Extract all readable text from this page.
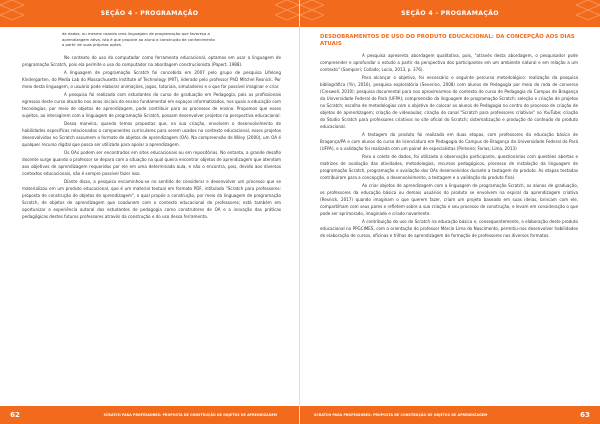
SEÇÃO 4 - PROGRAMAÇÃO
de dados; ou mesmo usando uma linguagem de programação que favoreça a
aprendizagem ativa, isto é que propicie ao aluno a construção de conhecimento
a partir de suas próprias ações.

No contexto do uso do computador como ferramenta educacional, optamos em usar a linguagem de programação Scratch, pois ela permite o uso do computador na abordagem construcionista (Papert, 1988).

A linguagem de programação Scratch foi concebida em 2007 pelo grupo de pesquisa Lifelong Kindergarten, do Media Lab do Massachusetts Institute of Technology (MIT), liderado pelo professor PhD Mitchel Resnick. Por meio desta linguagem, o usuário pode elaborar animações, jogos, tutoriais, simuladores e o que for possível imaginar e criar.

A pesquisa foi realizada com estudantes do curso de graduação em Pedagogia, pois os profissionais egressos deste curso atuarão nos anos iniciais do ensino fundamental em espaços informatizados, nos quais a educação com tecnologias, por meio de objetos de aprendizagem, pode contribuir para os processos de ensino. Propomos que esses sujeitos, ao interagirem com a linguagem de programação Scratch, possam desenvolver projetos na perspectiva educacional.

Dessa maneira, quando temos propostas que, na sua criação, envolvem o desenvolvimento de habilidades específicas relacionadas a componentes curriculares para serem usados no contexto educacional, esses projetos desenvolvidos no Scratch assumem o formato de objetos de aprendizagem (OA). Na compreensão de Wiley (2000), um OA é qualquer recurso digital que possa ser utilizado para apoiar a aprendizagem.

Os OAs podem ser encontrados em sites educacionais ou em repositórios. No entanto, a grande desafio docente surge quando o professor se depara com a situação na qual queira encontrar objetos de aprendizagem que atendam aos objetivos de aprendizagem requeridos por ele em uma determinada aula, e não o encontra, pois, devido aos diversos contextos educacionais, não é sempre possível fazer isso.

Diante disso, a pesquisa encaminhou-se no sentido de considerar e desenvolver um processo que se materializou em um produto educacional, que é um material textual em formato PDF, intitulado "Scratch para professores: proposta de construção de objetos de aprendizagem", o qual propõe a construção, por meio da linguagem de programação Scratch, de objetos de aprendizagem que coadunem com o contexto educacional de professores; está também em oportunizar a experiência autoral dos estudantes de pedagogia como construtores de OA e a inovação das práticas pedagógicas destes futuros professores através da construção e do uso dessa ferramenta.

62	SCRATCH PARA PROFESSORES: PROPOSTA DE CONSTRUÇÃO DE OBJETOS DE APRENDIZAGEM
SEÇÃO 4 - PROGRAMAÇÃO
DESDOBRAMENTOS DE USO DO PRODUTO EDUCACIONAL: DA CONCEPÇÃO AOS DIAS ATUAIS

A pesquisa apresenta abordagem qualitativa, pois, "através desta abordagem, o pesquisador pode compreender e aprofundar o estudo a partir da perspectiva dos participantes em um ambiente natural e em relação a um contexto" (Sampieri; Collado; Lucio, 2013, p. 376).

Para alcançar o objetivo, foi necessário o seguinte percurso metodológico: realização da pesquisa bibliográfica (Yin, 2016), pesquisa exploratória (Severino, 2008) com alunos de Pedagogia por meio de roda de conversa (Creswell, 2010); pesquisa documental para nos aproximarmos do contexto do curso de Pedagogia do Campus de Bragança da Universidade Federal do Pará (UFPA); compreensão da linguagem de programação Scratch; seleção e criação de projetos no Scratch; escolha de metodologias com o objetivo de colocar os alunos de Pedagogia no centro do processo de criação de objetos de aprendizagem; criação de videoaulas; criação do canal "Scratch para professores criativos" no YouTube; criação do Studio Scratch para professores criativos no site oficial do Scratch; sistematização e produção do conteúdo do produto educacional.

A testagem do produto foi realizada em duas etapas, com professores da educação básica de Bragança/PA e com alunos do curso de licenciatura em Pedagogia do Campus de Bragança da Universidade Federal do Pará (UFPA), e a validação foi realizada com um painel de especialistas (Pinheiro; Farias; Lima, 2013)

Para a coleta de dados, foi utilizada a observação participante, questionários com questões abertas e matrizes de avaliação das atividades, metodologias, recursos pedagógicos, processo de instalação da linguagem de programação Scratch, programação e avaliação dos OAs desenvolvidos durante a testagem do produto. As etapas testadas contribuíram para a concepção, o desenvolvimento, a testagem e a validação do produto final.

Ao criar objetos de aprendizagem com a linguagem de programação Scratch, os alunos de graduação, os professores da educação básica ou demais usuários do produto se envolvem na espiral da aprendizagem criativa (Resnick, 2017) quando imaginam o que querem fazer, criam um projeto baseado em suas ideias, brincam com ele, compartilham com seus pares e refletem sobre a sua criação e seu processo de construção, e levam em consideração o que pode ser aprimorado, imaginado e criado novamente.

A contribuição do uso do Scratch na educação básica e, consequentemente, a elaboração deste produto educacional no PPGCIMES, com a orientação do professor Márcio Lima do Nascimento, permitiu-nos desenvolver habilidades de elaboração de cursos, oficinas e trilhas de aprendizagem de formação de professores nos diversos formatos.

SCRATCH PARA PROFESSORES: PROPOSTA DE CONSTRUÇÃO DE OBJETOS DE APRENDIZAGEM	63
